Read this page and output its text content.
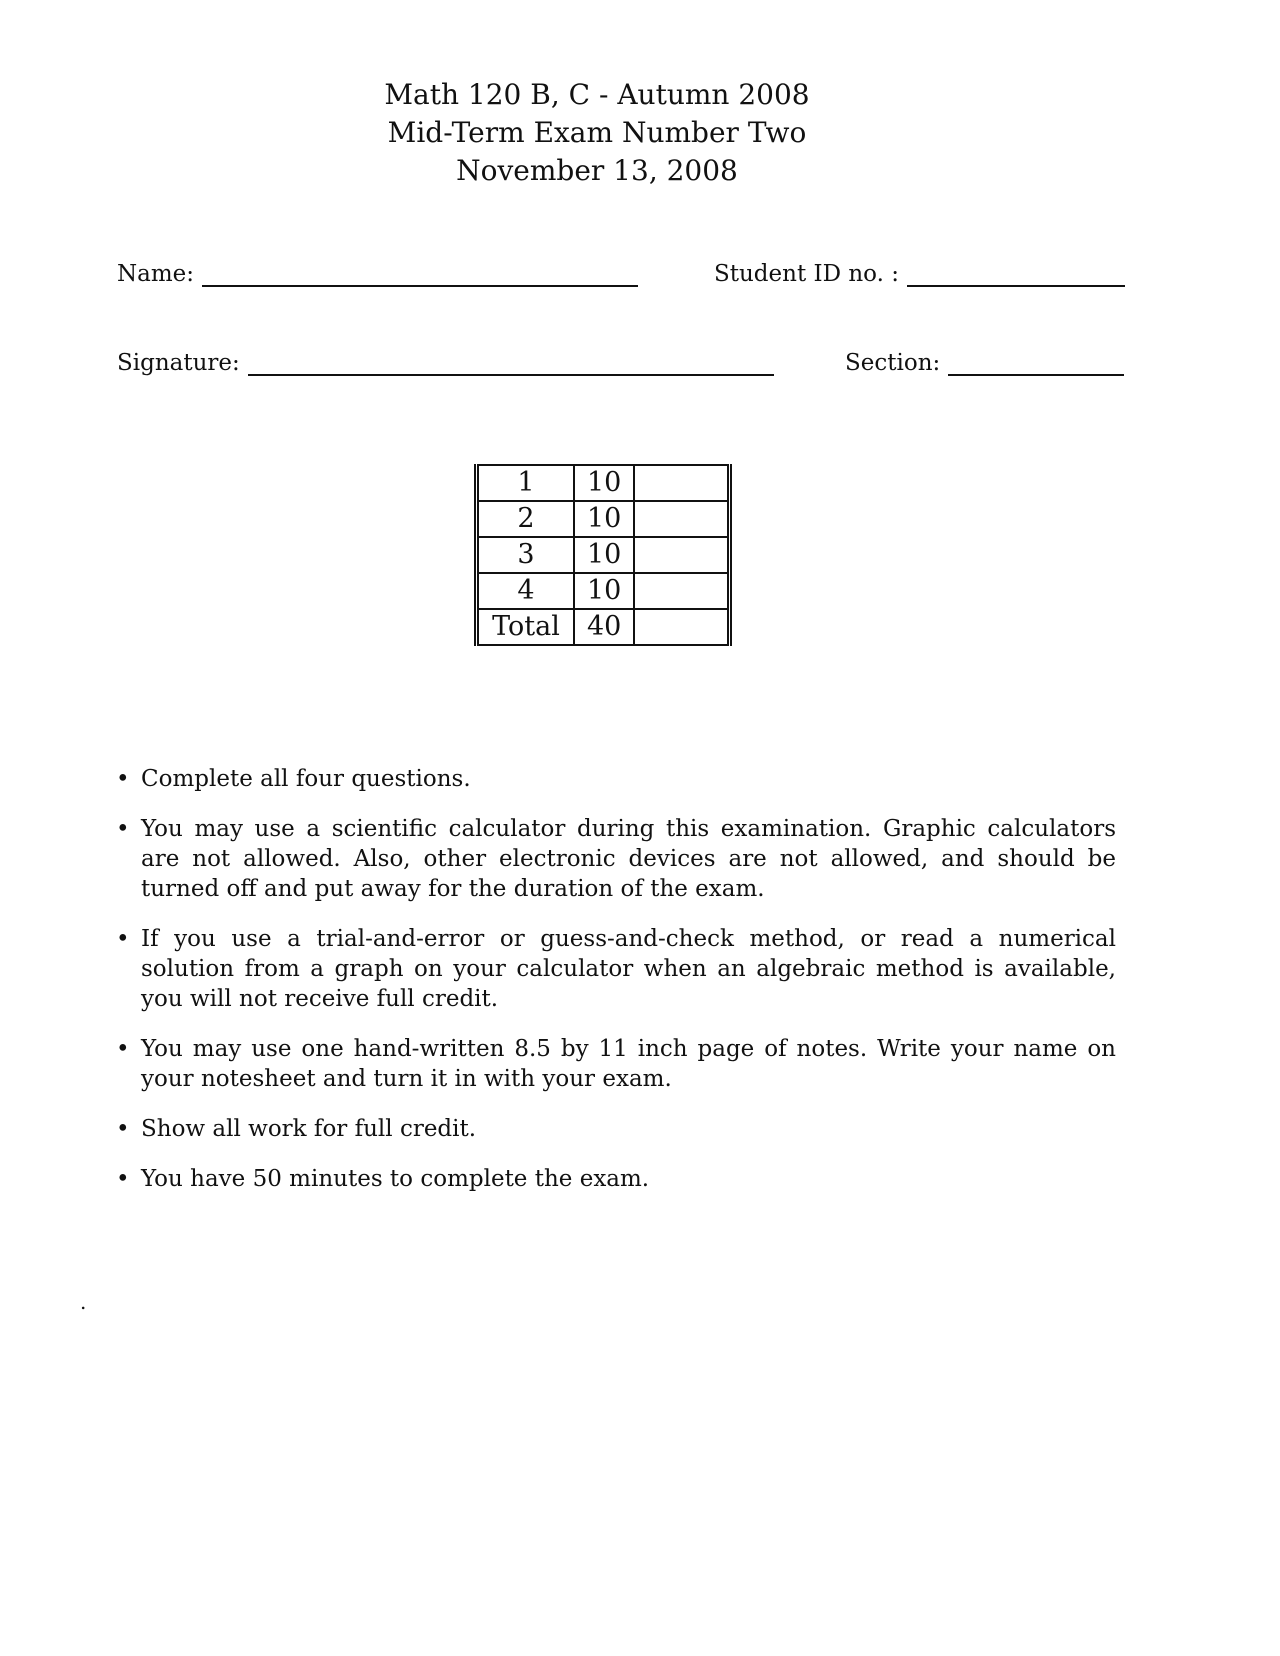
Math 120 B, C - Autumn 2008
Mid-Term Exam Number Two
November 13, 2008
Name:	Student ID no. :
Signature:	Section:
1	10	
2	10	
3	10	
4	10	
Total	40	
• Complete all four questions.
• You may use a scientific calculator during this examination. Graphic calculators are not allowed. Also, other electronic devices are not allowed, and should be turned off and put away for the duration of the exam.
• If you use a trial-and-error or guess-and-check method, or read a numerical solution from a graph on your calculator when an algebraic method is available, you will not receive full credit.
• You may use one hand-written 8.5 by 11 inch page of notes. Write your name on your notesheet and turn it in with your exam.
• Show all work for full credit.
• You have 50 minutes to complete the exam.
.
